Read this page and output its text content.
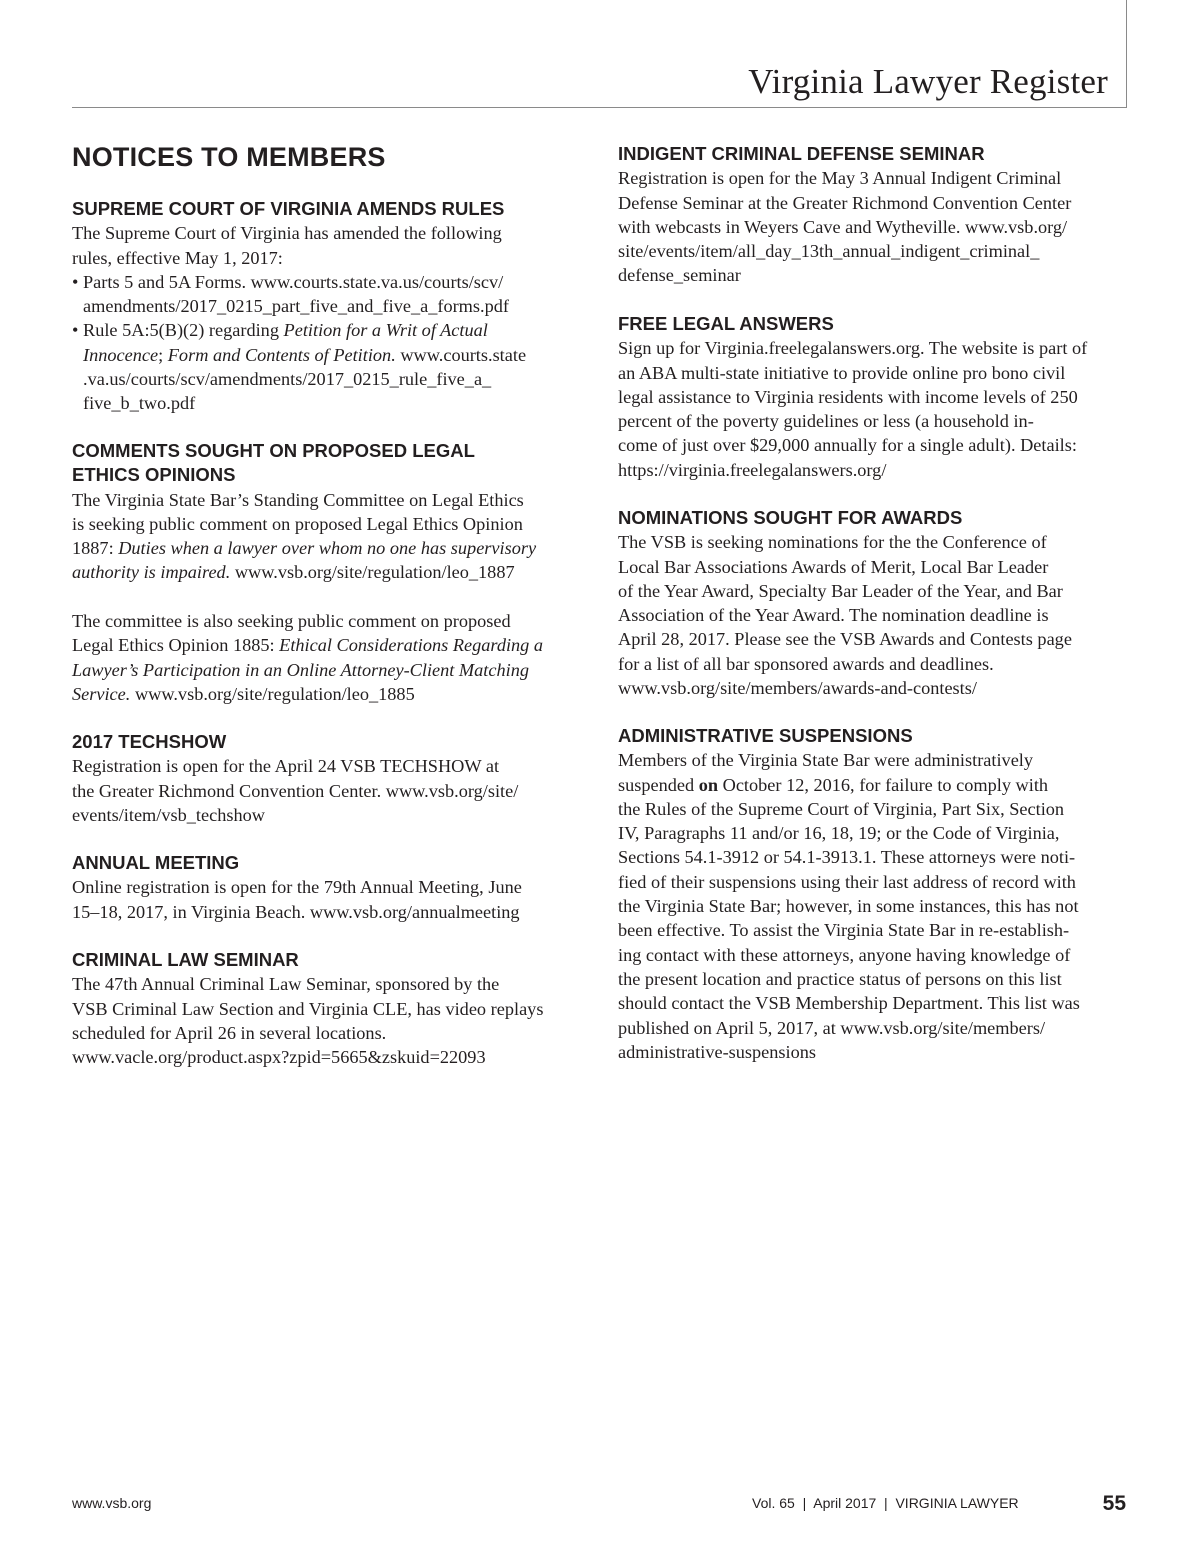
Virginia Lawyer Register
NOTICES TO MEMBERS
SUPREME COURT OF VIRGINIA AMENDS RULES

The Supreme Court of Virginia has amended the following

rules, effective May 1, 2017:

• Parts 5 and 5A Forms. www.courts.state.va.us/courts/scv/

amendments/2017_0215_part_five_and_five_a_forms.pdf

• Rule 5A:5(B)(2) regarding Petition for a Writ of Actual

Innocence; Form and Contents of Petition. www.courts.state

.va.us/courts/scv/amendments/2017_0215_rule_five_a_

five_b_two.pdf

COMMENTS SOUGHT ON PROPOSED LEGAL
ETHICS OPINIONS

The Virginia State Bar’s Standing Committee on Legal Ethics

is seeking public comment on proposed Legal Ethics Opinion

1887: Duties when a lawyer over whom no one has supervisory

authority is impaired. www.vsb.org/site/regulation/leo_1887

The committee is also seeking public comment on proposed

Legal Ethics Opinion 1885: Ethical Considerations Regarding a

Lawyer’s Participation in an Online Attorney-Client Matching

Service. www.vsb.org/site/regulation/leo_1885

2017 TECHSHOW

Registration is open for the April 24 VSB TECHSHOW at

the Greater Richmond Convention Center. www.vsb.org/site/

events/item/vsb_techshow

ANNUAL MEETING

Online registration is open for the 79th Annual Meeting, June

15–18, 2017, in Virginia Beach. www.vsb.org/annualmeeting

CRIMINAL LAW SEMINAR

The 47th Annual Criminal Law Seminar, sponsored by the

VSB Criminal Law Section and Virginia CLE, has video replays

scheduled for April 26 in several locations.

www.vacle.org/product.aspx?zpid=5665&zskuid=22093

INDIGENT CRIMINAL DEFENSE SEMINAR

Registration is open for the May 3 Annual Indigent Criminal

Defense Seminar at the Greater Richmond Convention Center

with webcasts in Weyers Cave and Wytheville. www.vsb.org/

site/events/item/all_day_13th_annual_indigent_criminal_

defense_seminar

FREE LEGAL ANSWERS

Sign up for Virginia.freelegalanswers.org. The website is part of

an ABA multi-state initiative to provide online pro bono civil

legal assistance to Virginia residents with income levels of 250

percent of the poverty guidelines or less (a household in-

come of just over $29,000 annually for a single adult). Details:

https://virginia.freelegalanswers.org/

NOMINATIONS SOUGHT FOR AWARDS

The VSB is seeking nominations for the the Conference of

Local Bar Associations Awards of Merit, Local Bar Leader

of the Year Award, Specialty Bar Leader of the Year, and Bar

Association of the Year Award. The nomination deadline is

April 28, 2017. Please see the VSB Awards and Contests page

for a list of all bar sponsored awards and deadlines.

www.vsb.org/site/members/awards-and-contests/

ADMINISTRATIVE SUSPENSIONS

Members of the Virginia State Bar were administratively

suspended on October 12, 2016, for failure to comply with

the Rules of the Supreme Court of Virginia, Part Six, Section

IV, Paragraphs 11 and/or 16, 18, 19; or the Code of Virginia,

Sections 54.1-3912 or 54.1-3913.1. These attorneys were noti-

fied of their suspensions using their last address of record with

the Virginia State Bar; however, in some instances, this has not

been effective. To assist the Virginia State Bar in re-establish-

ing contact with these attorneys, anyone having knowledge of

the present location and practice status of persons on this list

should contact the VSB Membership Department. This list was

published on April 5, 2017, at www.vsb.org/site/members/

administrative-suspensions

www.vsb.org	Vol. 65  |  April 2017  |  VIRGINIA LAWYER	55
